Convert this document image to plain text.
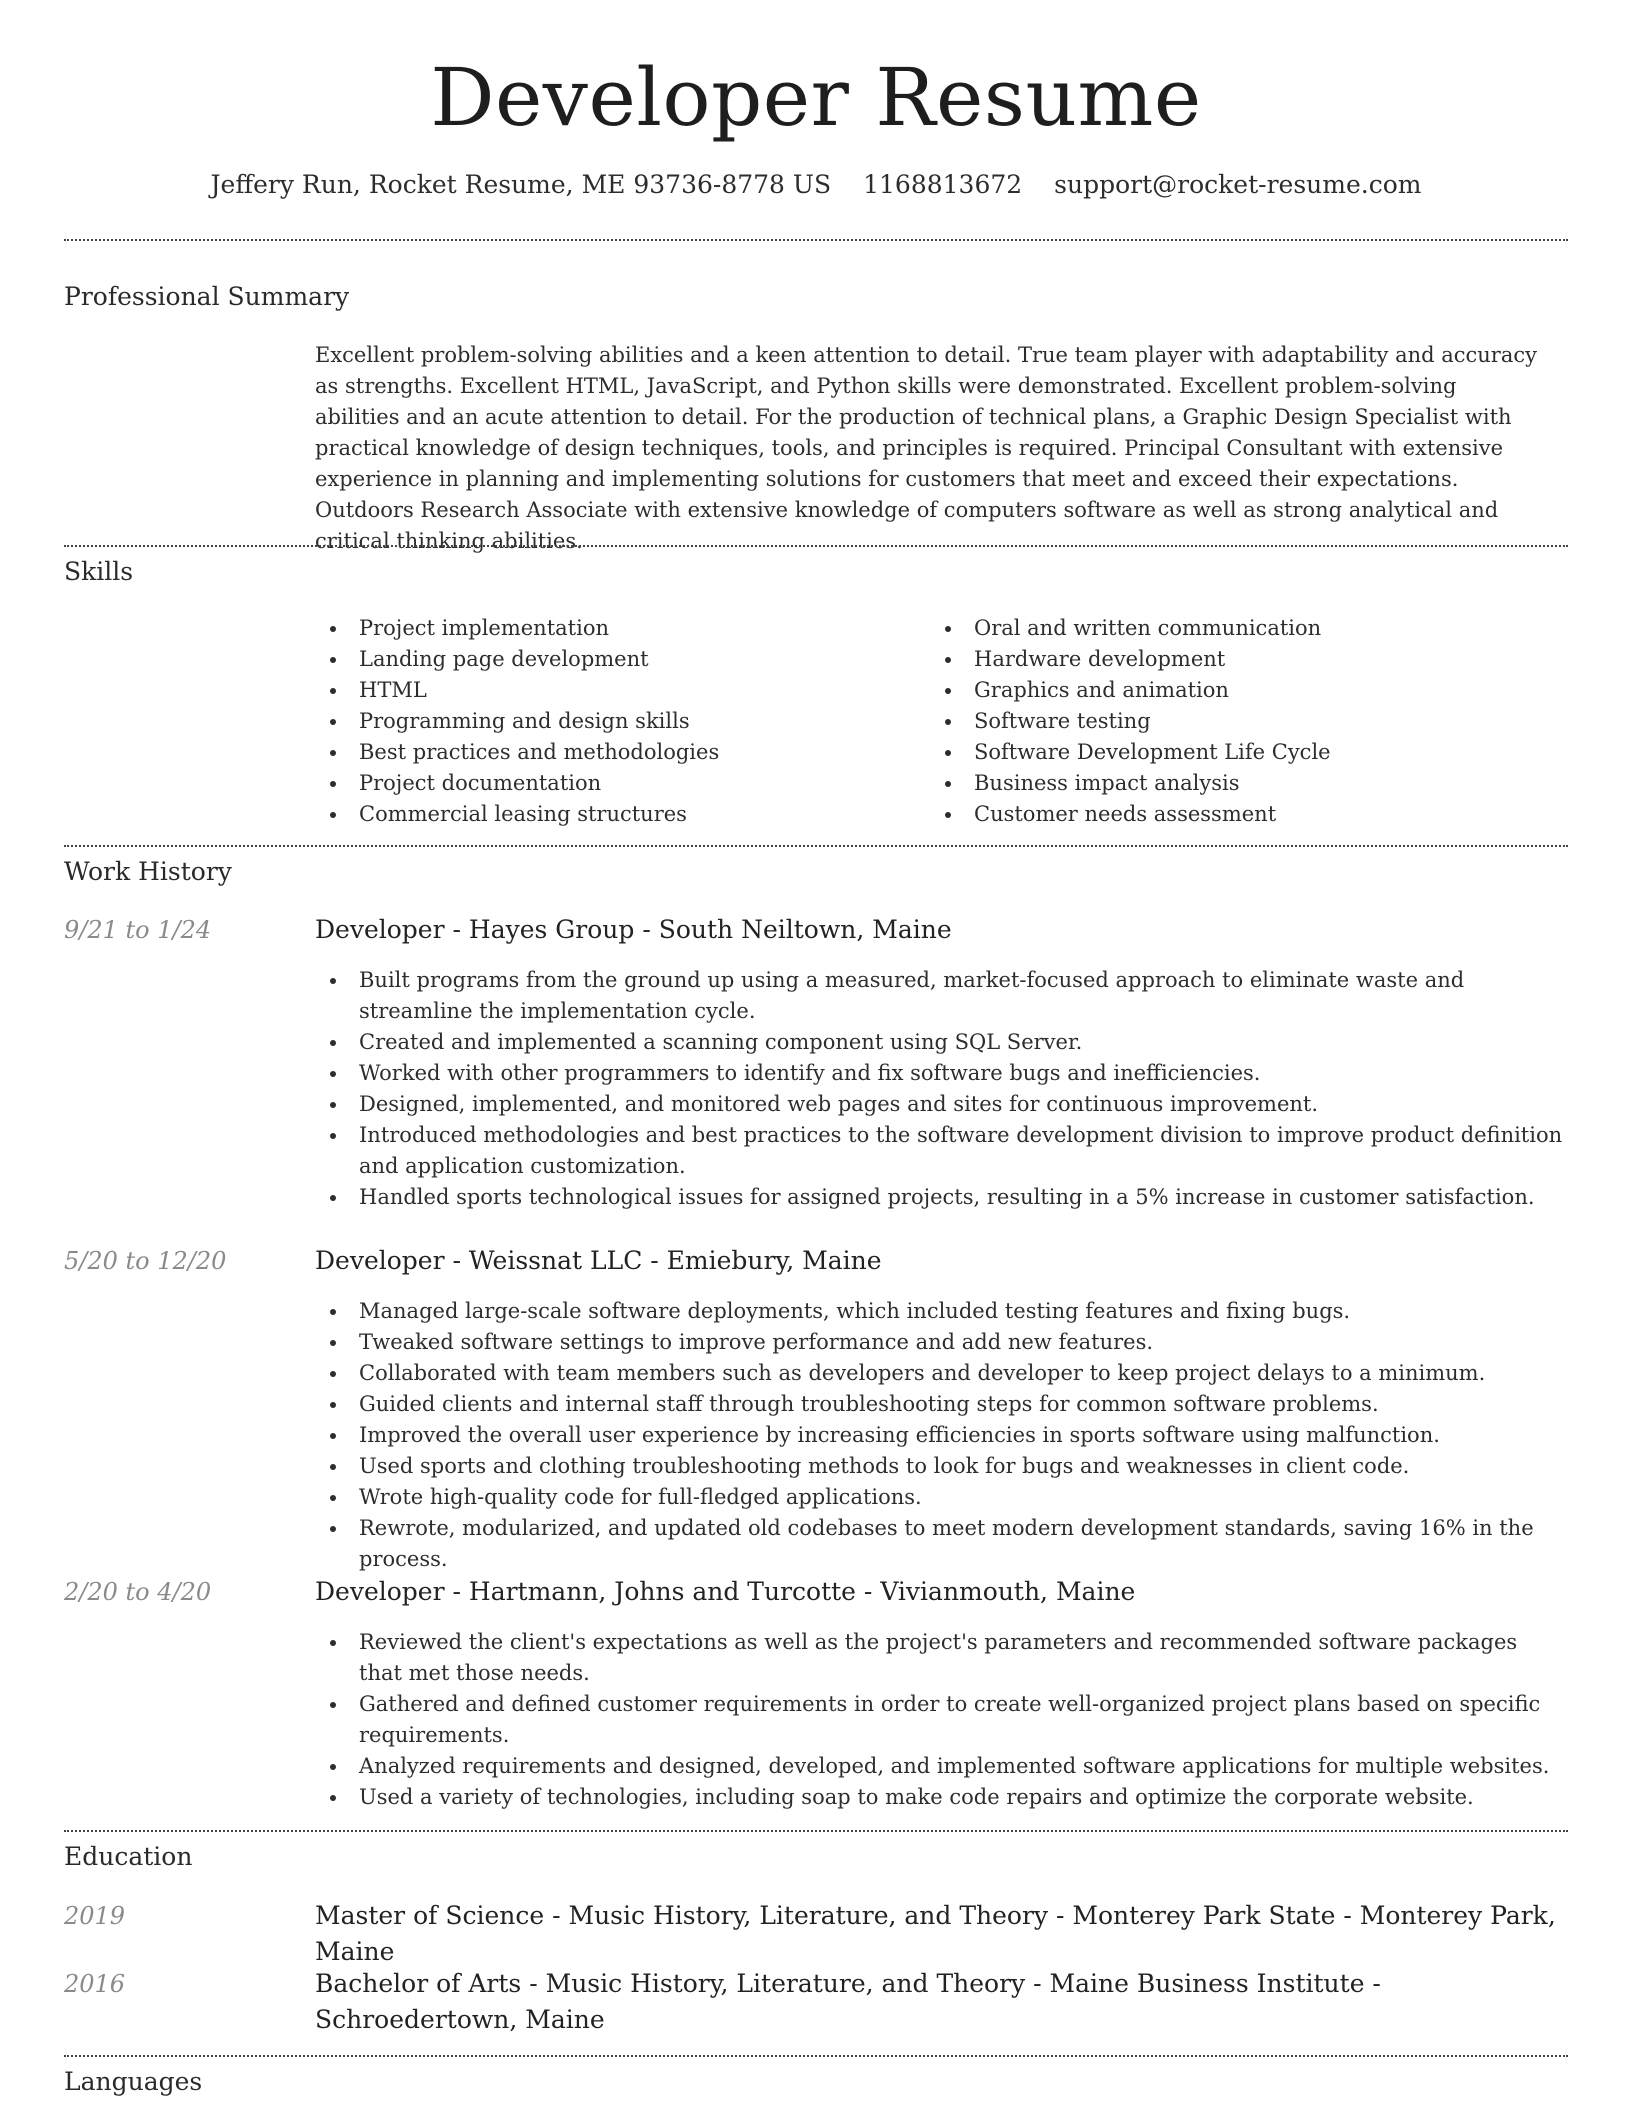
Developer Resume
Jeffery Run, Rocket Resume, ME 93736-8778 US 1168813672 support@rocket-resume.com
Professional Summary

Excellent problem-solving abilities and a keen attention to detail. True team player with adaptability and accuracy as strengths. Excellent HTML, JavaScript, and Python skills were demonstrated. Excellent problem-solving abilities and an acute attention to detail. For the production of technical plans, a Graphic Design Specialist with practical knowledge of design techniques, tools, and principles is required. Principal Consultant with extensive experience in planning and implementing solutions for customers that meet and exceed their expectations. Outdoors Research Associate with extensive knowledge of computers software as well as strong analytical and critical thinking abilities.

Skills
Project implementation
Landing page development
HTML
Programming and design skills
Best practices and methodologies
Project documentation
Commercial leasing structures
Oral and written communication
Hardware development
Graphics and animation
Software testing
Software Development Life Cycle
Business impact analysis
Customer needs assessment
Work History
9/21 to 1/24	Developer - Hayes Group - South Neiltown, Maine
Built programs from the ground up using a measured, market-focused approach to eliminate waste and streamline the implementation cycle.
Created and implemented a scanning component using SQL Server.
Worked with other programmers to identify and fix software bugs and inefficiencies.
Designed, implemented, and monitored web pages and sites for continuous improvement.
Introduced methodologies and best practices to the software development division to improve product definition and application customization.
Handled sports technological issues for assigned projects, resulting in a 5% increase in customer satisfaction.
5/20 to 12/20	Developer - Weissnat LLC - Emiebury, Maine
Managed large-scale software deployments, which included testing features and fixing bugs.
Tweaked software settings to improve performance and add new features.
Collaborated with team members such as developers and developer to keep project delays to a minimum.
Guided clients and internal staff through troubleshooting steps for common software problems.
Improved the overall user experience by increasing efficiencies in sports software using malfunction.
Used sports and clothing troubleshooting methods to look for bugs and weaknesses in client code.
Wrote high-quality code for full-fledged applications.
Rewrote, modularized, and updated old codebases to meet modern development standards, saving 16% in the process.
2/20 to 4/20	Developer - Hartmann, Johns and Turcotte - Vivianmouth, Maine
Reviewed the client's expectations as well as the project's parameters and recommended software packages that met those needs.
Gathered and defined customer requirements in order to create well-organized project plans based on specific requirements.
Analyzed requirements and designed, developed, and implemented software applications for multiple websites.
Used a variety of technologies, including soap to make code repairs and optimize the corporate website.
Education
2019	Master of Science - Music History, Literature, and Theory - Monterey Park State - Monterey Park, Maine
2016	Bachelor of Arts - Music History, Literature, and Theory - Maine Business Institute - Schroedertown, Maine
Languages
